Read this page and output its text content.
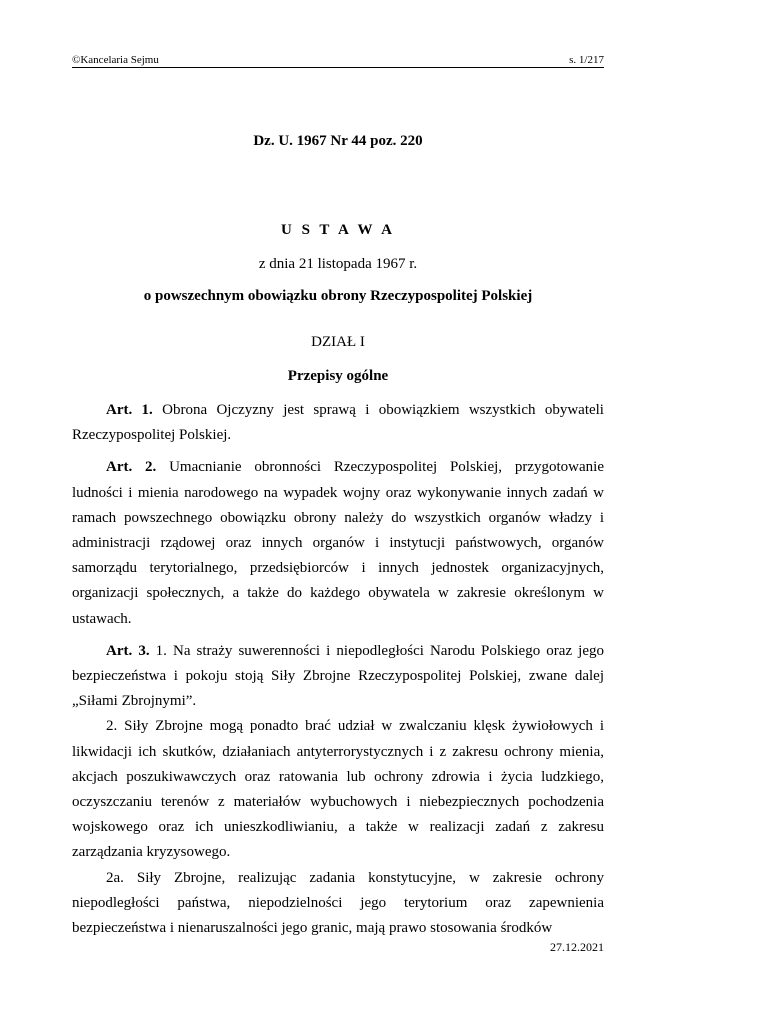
©Kancelaria Sejmu	s. 1/217
Dz. U. 1967 Nr 44 poz. 220
U S T A W A
z dnia 21 listopada 1967 r.
o powszechnym obowiązku obrony Rzeczypospolitej Polskiej
DZIAŁ I
Przepisy ogólne

Art. 1. Obrona Ojczyzny jest sprawą i obowiązkiem wszystkich obywateli Rzeczypospolitej Polskiej.

Art. 2. Umacnianie obronności Rzeczypospolitej Polskiej, przygotowanie ludności i mienia narodowego na wypadek wojny oraz wykonywanie innych zadań w ramach powszechnego obowiązku obrony należy do wszystkich organów władzy i administracji rządowej oraz innych organów i instytucji państwowych, organów samorządu terytorialnego, przedsiębiorców i innych jednostek organizacyjnych, organizacji społecznych, a także do każdego obywatela w zakresie określonym w ustawach.

Art. 3. 1. Na straży suwerenności i niepodległości Narodu Polskiego oraz jego bezpieczeństwa i pokoju stoją Siły Zbrojne Rzeczypospolitej Polskiej, zwane dalej „Siłami Zbrojnymi”.

2. Siły Zbrojne mogą ponadto brać udział w zwalczaniu klęsk żywiołowych i likwidacji ich skutków, działaniach antyterrorystycznych i z zakresu ochrony mienia, akcjach poszukiwawczych oraz ratowania lub ochrony zdrowia i życia ludzkiego, oczyszczaniu terenów z materiałów wybuchowych i niebezpiecznych pochodzenia wojskowego oraz ich unieszkodliwianiu, a także w realizacji zadań z zakresu zarządzania kryzysowego.

2a. Siły Zbrojne, realizując zadania konstytucyjne, w zakresie ochrony niepodległości państwa, niepodzielności jego terytorium oraz zapewnienia bezpieczeństwa i nienaruszalności jego granic, mają prawo stosowania środków

27.12.2021
